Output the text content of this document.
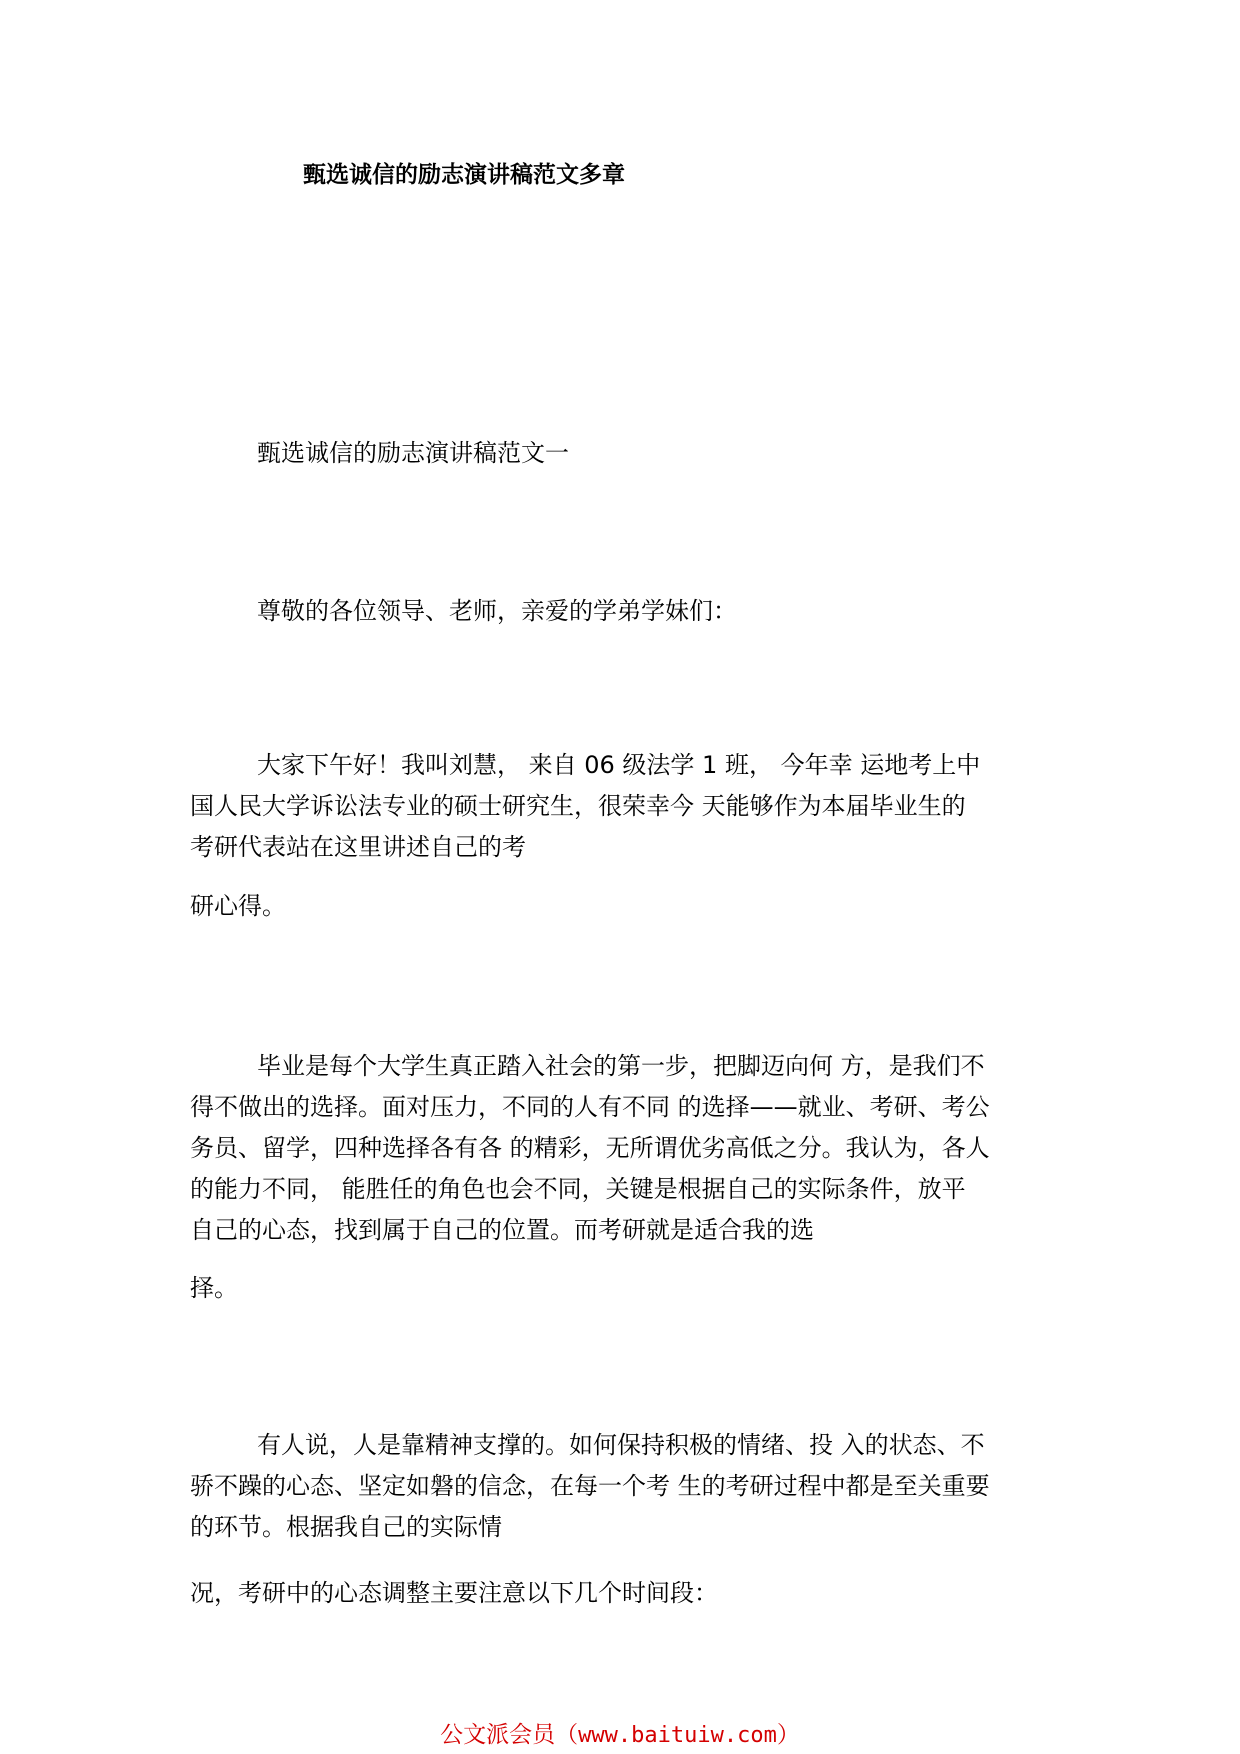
甄选诚信的励志演讲稿范文多章
甄选诚信的励志演讲稿范文一
尊敬的各位领导、老师，亲爱的学弟学妹们：
大家下午好！我叫刘慧， 来自 06 级法学 1 班， 今年幸 运地考上中
国人民大学诉讼法专业的硕士研究生，很荣幸今 天能够作为本届毕业生的
考研代表站在这里讲述自己的考
研心得。
毕业是每个大学生真正踏入社会的第一步，把脚迈向何 方，是我们不
得不做出的选择。面对压力，不同的人有不同 的选择——就业、考研、考公
务员、留学，四种选择各有各 的精彩，无所谓优劣高低之分。我认为，各人
的能力不同， 能胜任的角色也会不同，关键是根据自己的实际条件，放平
自己的心态，找到属于自己的位置。而考研就是适合我的选
择。
有人说，人是靠精神支撑的。如何保持积极的情绪、投 入的状态、不
骄不躁的心态、坚定如磐的信念，在每一个考 生的考研过程中都是至关重要
的环节。根据我自己的实际情
况，考研中的心态调整主要注意以下几个时间段：
公文派会员（www.baituiw.com）
